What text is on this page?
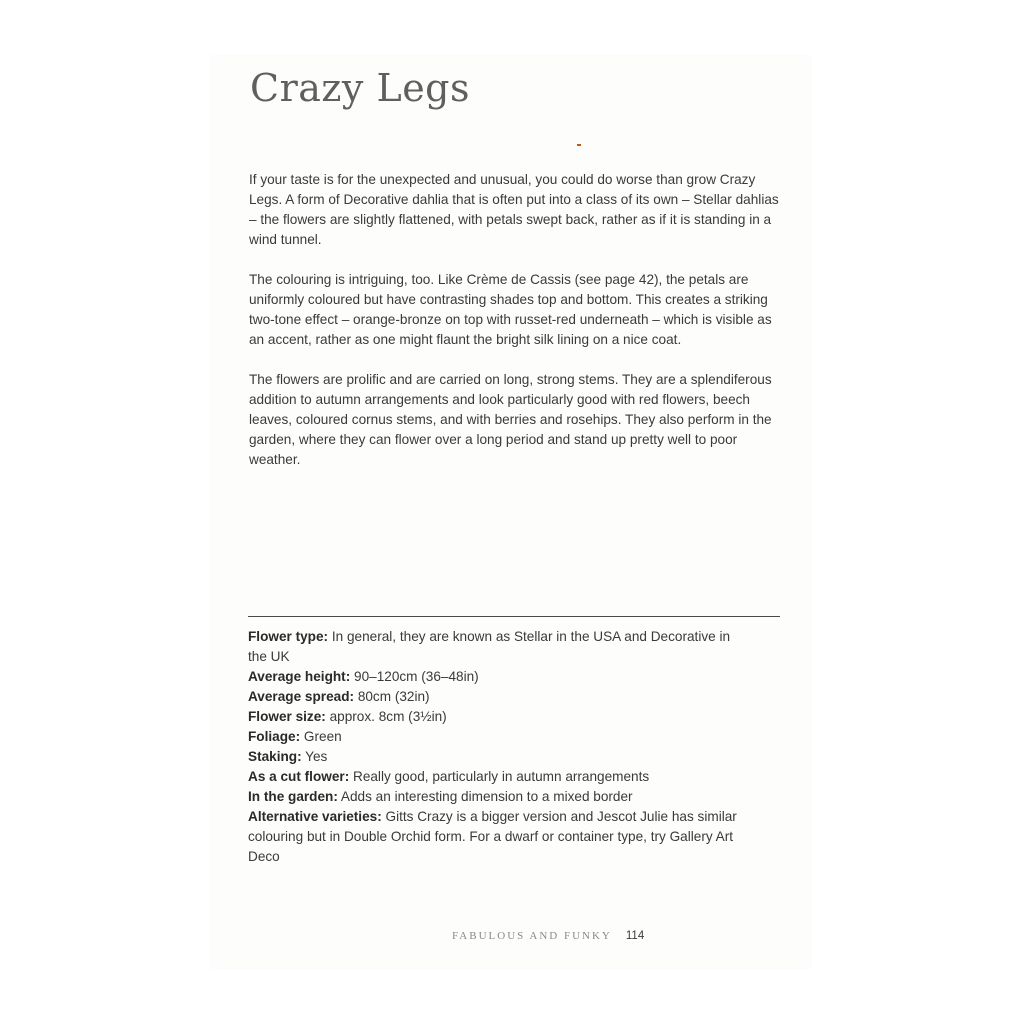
Crazy Legs

If your taste is for the unexpected and unusual, you could do worse than grow Crazy Legs. A form of Decorative dahlia that is often put into a class of its own – Stellar dahlias – the flowers are slightly flattened, with petals swept back, rather as if it is standing in a wind tunnel.

The colouring is intriguing, too. Like Crème de Cassis (see page 42), the petals are uniformly coloured but have contrasting shades top and bottom. This creates a striking two-tone effect – orange-bronze on top with russet-red underneath – which is visible as an accent, rather as one might flaunt the bright silk lining on a nice coat.

The flowers are prolific and are carried on long, strong stems. They are a splendiferous addition to autumn arrangements and look particularly good with red flowers, beech leaves, coloured cornus stems, and with berries and rosehips. They also perform in the garden, where they can flower over a long period and stand up pretty well to poor weather.

Flower type: In general, they are known as Stellar in the USA and Decorative in the UK

Average height: 90–120cm (36–48in)

Average spread: 80cm (32in)

Flower size: approx. 8cm (3½in)

Foliage: Green

Staking: Yes

As a cut flower: Really good, particularly in autumn arrangements

In the garden: Adds an interesting dimension to a mixed border

Alternative varieties: Gitts Crazy is a bigger version and Jescot Julie has similar colouring but in Double Orchid form. For a dwarf or container type, try Gallery Art Deco

FABULOUS AND FUNKY 114
